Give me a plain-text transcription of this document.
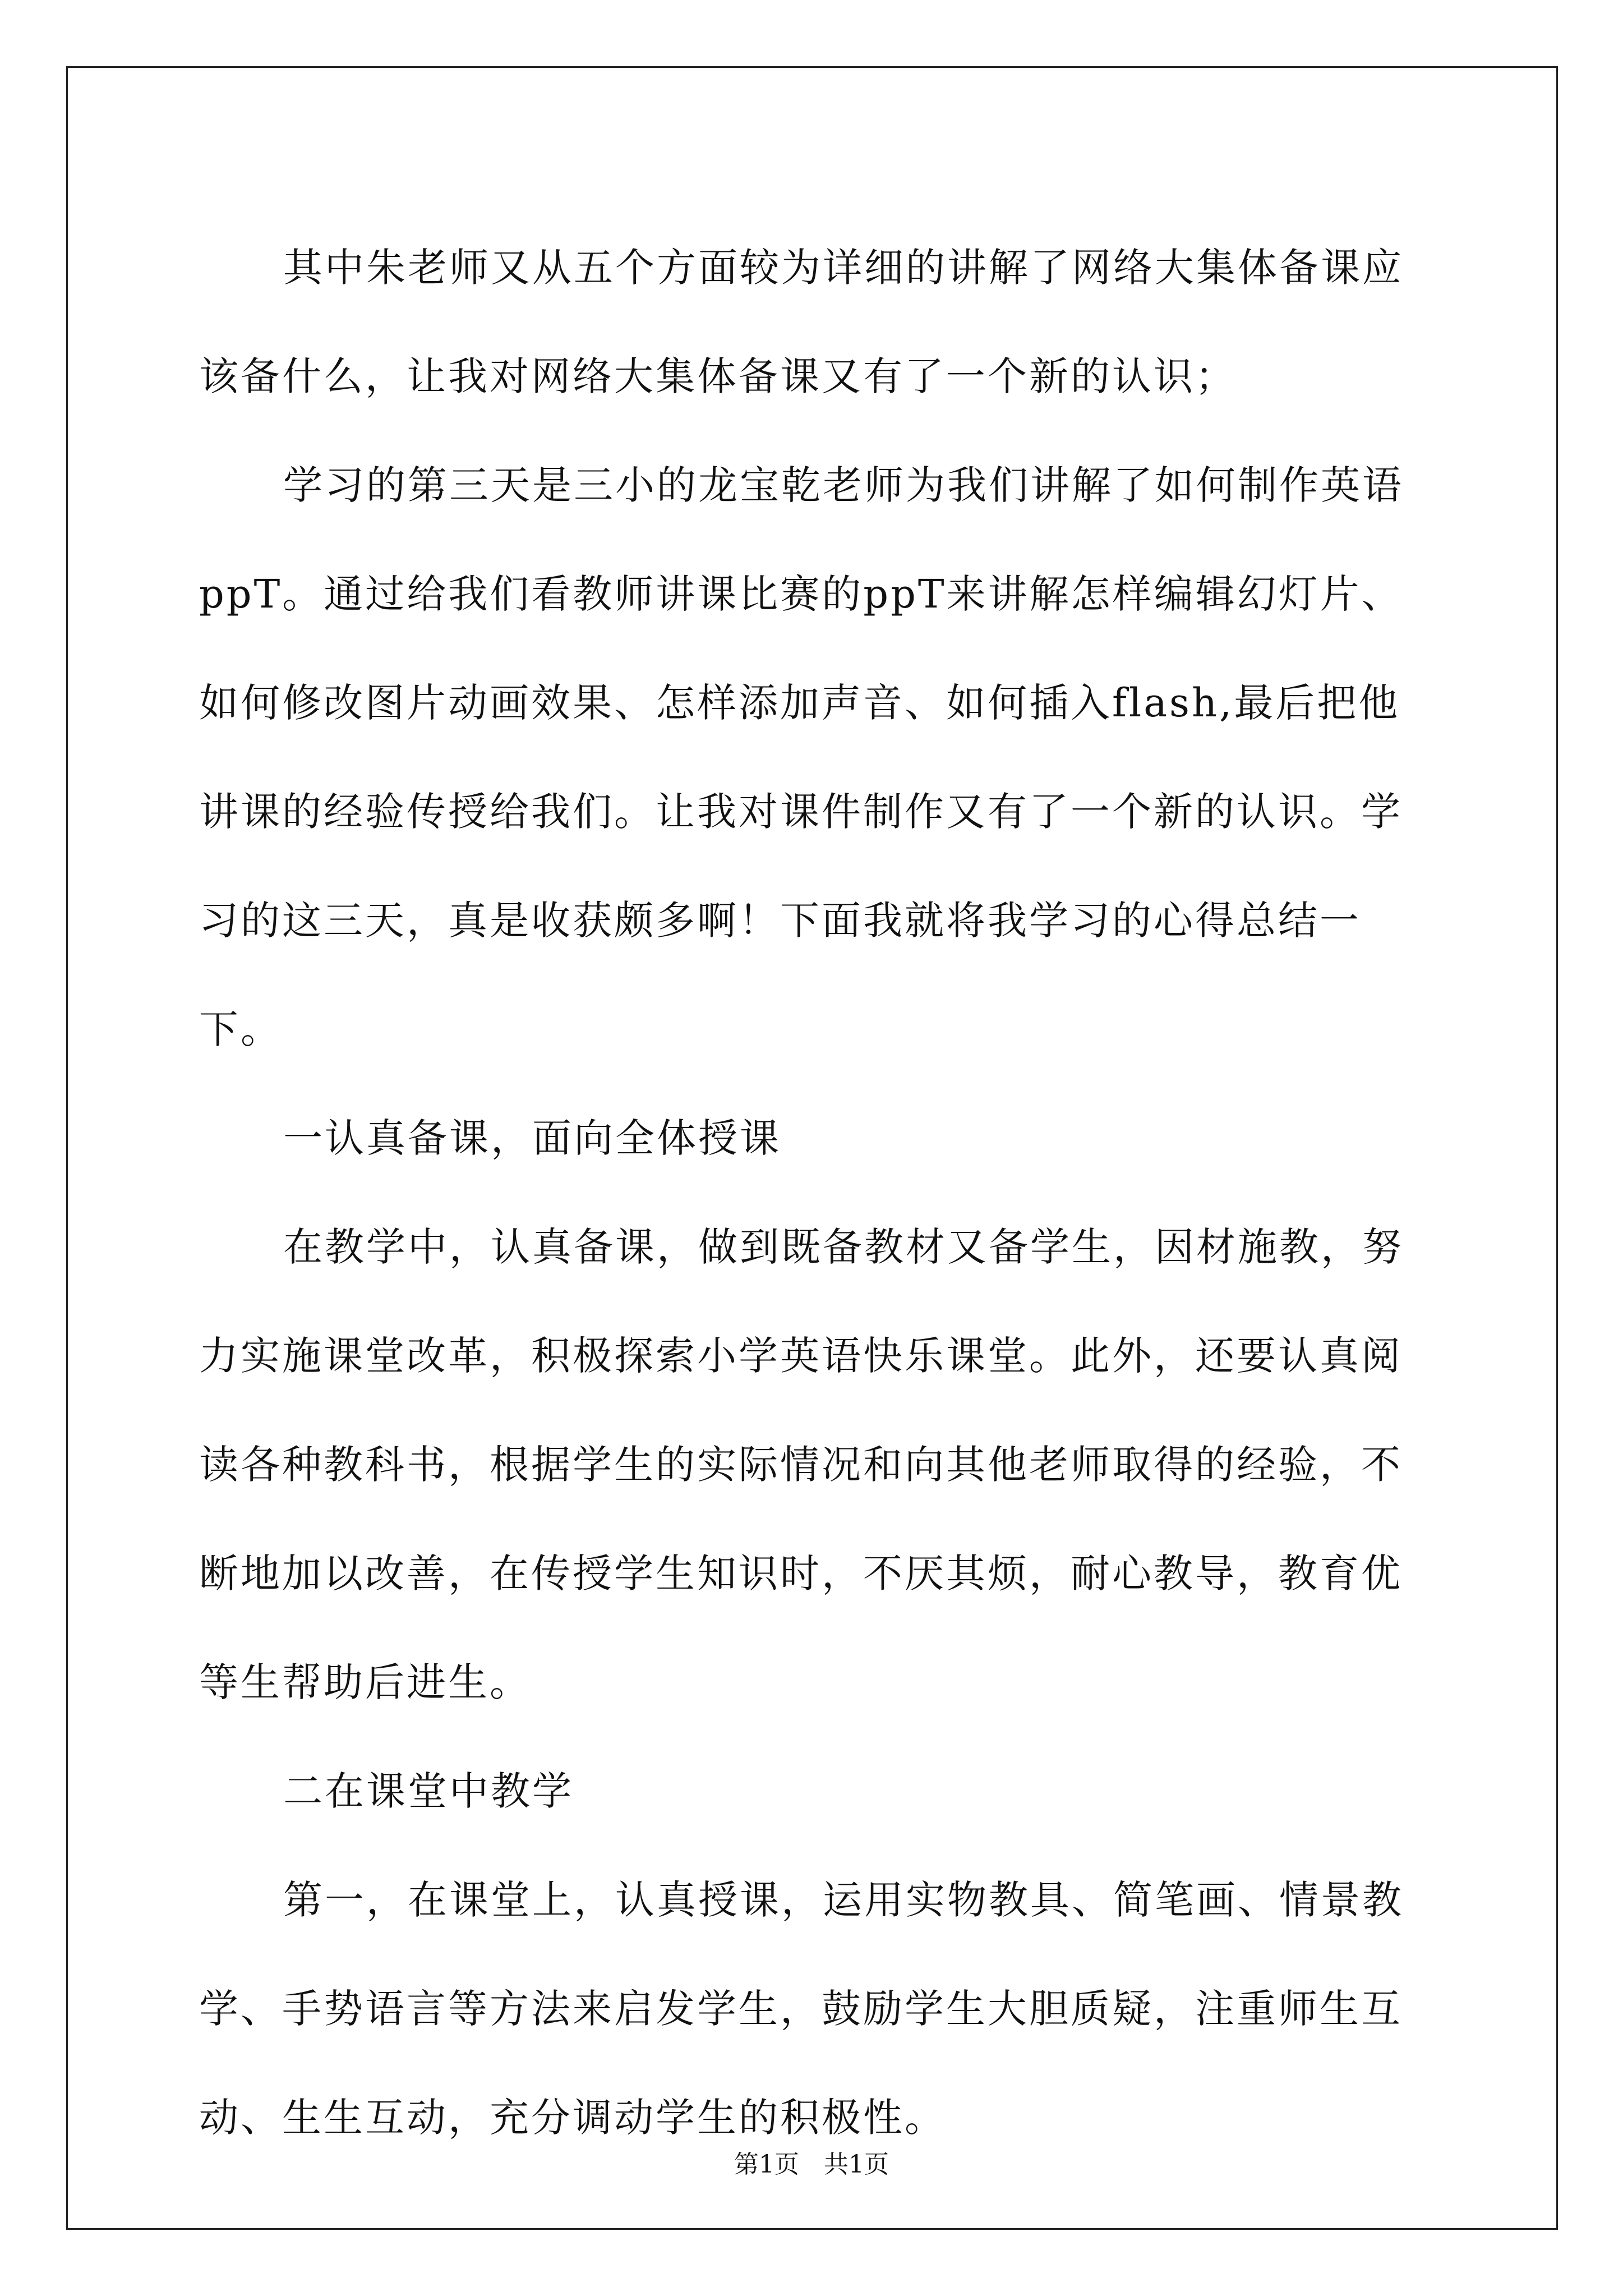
其中朱老师又从五个方面较为详细的讲解了网络大集体备课应该备什么，让我对网络大集体备课又有了一个新的认识；

学习的第三天是三小的龙宝乾老师为我们讲解了如何制作英语ppT。通过给我们看教师讲课比赛的ppT来讲解怎样编辑幻灯片、如何修改图片动画效果、怎样添加声音、如何插入flash,最后把他讲课的经验传授给我们。让我对课件制作又有了一个新的认识。学习的这三天，真是收获颇多啊！下面我就将我学习的心得总结一下。

一认真备课，面向全体授课

在教学中，认真备课，做到既备教材又备学生，因材施教，努力实施课堂改革，积极探索小学英语快乐课堂。此外，还要认真阅读各种教科书，根据学生的实际情况和向其他老师取得的经验，不断地加以改善，在传授学生知识时，不厌其烦，耐心教导，教育优等生帮助后进生。

二在课堂中教学

第一，在课堂上，认真授课，运用实物教具、简笔画、情景教学、手势语言等方法来启发学生，鼓励学生大胆质疑，注重师生互动、生生互动，充分调动学生的积极性。

第1页　共1页
